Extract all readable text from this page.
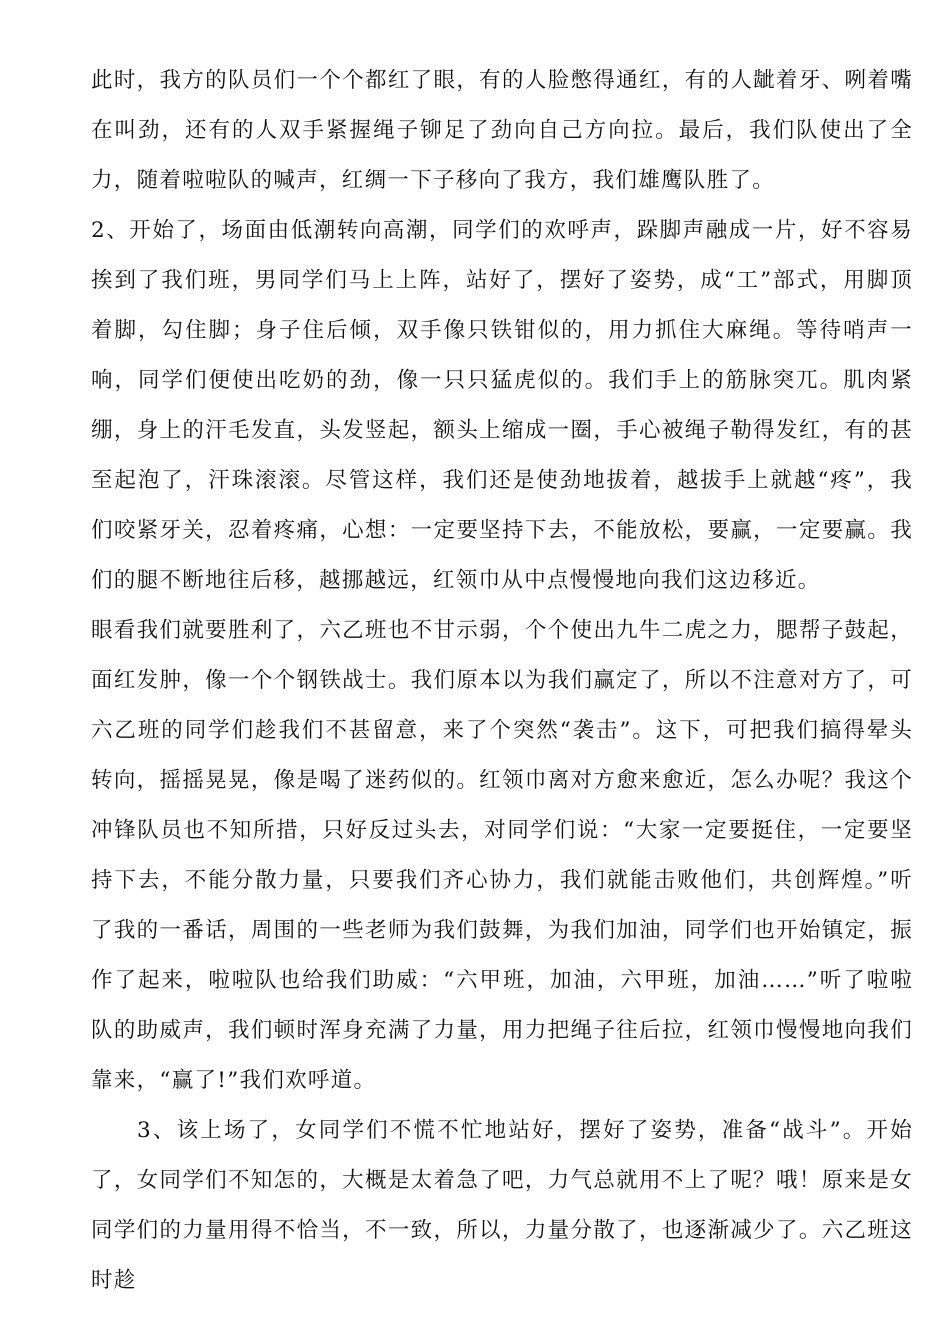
此时，我方的队员们一个个都红了眼，有的人脸憋得通红，有的人龇着牙、咧着嘴在叫劲，还有的人双手紧握绳子铆足了劲向自己方向拉。最后，我们队使出了全力，随着啦啦队的喊声，红绸一下子移向了我方，我们雄鹰队胜了。

2、开始了，场面由低潮转向高潮，同学们的欢呼声，跺脚声融成一片，好不容易挨到了我们班，男同学们马上上阵，站好了，摆好了姿势，成“工”部式，用脚顶着脚，勾住脚；身子住后倾，双手像只铁钳似的，用力抓住大麻绳。等待哨声一响，同学们便使出吃奶的劲，像一只只猛虎似的。我们手上的筋脉突兀。肌肉紧绷，身上的汗毛发直，头发竖起，额头上缩成一圈，手心被绳子勒得发红，有的甚至起泡了，汗珠滚滚。尽管这样，我们还是使劲地拔着，越拔手上就越“疼”，我们咬紧牙关，忍着疼痛，心想：一定要坚持下去，不能放松，要赢，一定要赢。我们的腿不断地往后移，越挪越远，红领巾从中点慢慢地向我们这边移近。

眼看我们就要胜利了，六乙班也不甘示弱，个个使出九牛二虎之力，腮帮子鼓起，面红发肿，像一个个钢铁战士。我们原本以为我们赢定了，所以不注意对方了，可六乙班的同学们趁我们不甚留意，来了个突然“袭击”。这下，可把我们搞得晕头转向，摇摇晃晃，像是喝了迷药似的。红领巾离对方愈来愈近，怎么办呢？我这个冲锋队员也不知所措，只好反过头去，对同学们说：“大家一定要挺住，一定要坚持下去，不能分散力量，只要我们齐心协力，我们就能击败他们，共创辉煌。”听了我的一番话，周围的一些老师为我们鼓舞，为我们加油，同学们也开始镇定，振作了起来，啦啦队也给我们助威：“六甲班，加油，六甲班，加油……”听了啦啦队的助威声，我们顿时浑身充满了力量，用力把绳子往后拉，红领巾慢慢地向我们靠来，“赢了!”我们欢呼道。

3、该上场了，女同学们不慌不忙地站好，摆好了姿势，准备“战斗”。开始了，女同学们不知怎的，大概是太着急了吧，力气总就用不上了呢？哦！原来是女同学们的力量用得不恰当，不一致，所以，力量分散了，也逐渐减少了。六乙班这时趁
